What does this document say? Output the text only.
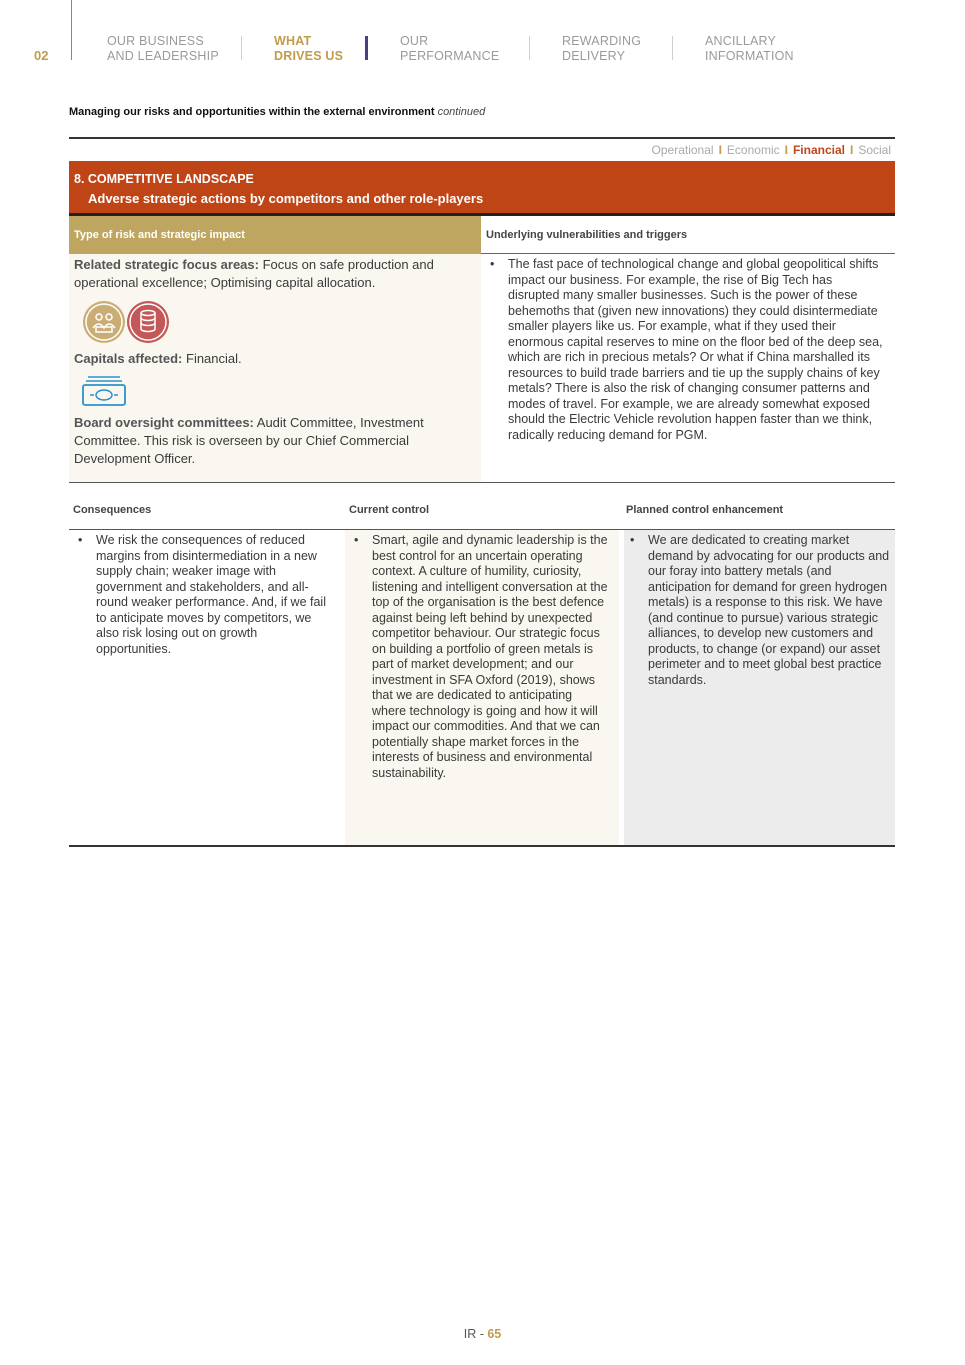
02
OUR BUSINESS
AND LEADERSHIP
WHAT
DRIVES US
OUR
PERFORMANCE
REWARDING
DELIVERY
ANCILLARY
INFORMATION
Managing our risks and opportunities within the external environment continued
Operational I Economic I Financial I Social
8. COMPETITIVE LANDSCAPE
Adverse strategic actions by competitors and other role-players
Type of risk and strategic impact	Underlying vulnerabilities and triggers

Related strategic focus areas: Focus on safe production and operational excellence; Optimising capital allocation.

Capitals affected: Financial.

Board oversight committees: Audit Committee, Investment Committee. This risk is overseen by our Chief Commercial Development Officer.

• The fast pace of technological change and global geopolitical shifts impact our business. For example, the rise of Big Tech has disrupted many smaller businesses. Such is the power of these behemoths that (given new innovations) they could disintermediate smaller players like us. For example, what if they used their enormous capital reserves to mine on the floor bed of the deep sea, which are rich in precious metals? Or what if China marshalled its resources to build trade barriers and tie up the supply chains of key metals? There is also the risk of changing consumer patterns and modes of travel. For example, we are already somewhat exposed should the Electric Vehicle revolution happen faster than we think, radically reducing demand for PGM.
Consequences	Current control	Planned control enhancement
• We risk the consequences of reduced margins from disintermediation in a new supply chain; weaker image with government and stakeholders, and all-round weaker performance. And, if we fail to anticipate moves by competitors, we also risk losing out on growth opportunities.
• Smart, agile and dynamic leadership is the best control for an uncertain operating context. A culture of humility, curiosity, listening and intelligent conversation at the top of the organisation is the best defence against being left behind by unexpected competitor behaviour. Our strategic focus on building a portfolio of green metals is part of market development; and our investment in SFA Oxford (2019), shows that we are dedicated to anticipating where technology is going and how it will impact our commodities. And that we can potentially shape market forces in the interests of business and environmental sustainability.
• We are dedicated to creating market demand by advocating for our products and our foray into battery metals (and anticipation for demand for green hydrogen metals) is a response to this risk. We have (and continue to pursue) various strategic alliances, to develop new customers and products, to change (or expand) our asset perimeter and to meet global best practice standards.
IR - 65
